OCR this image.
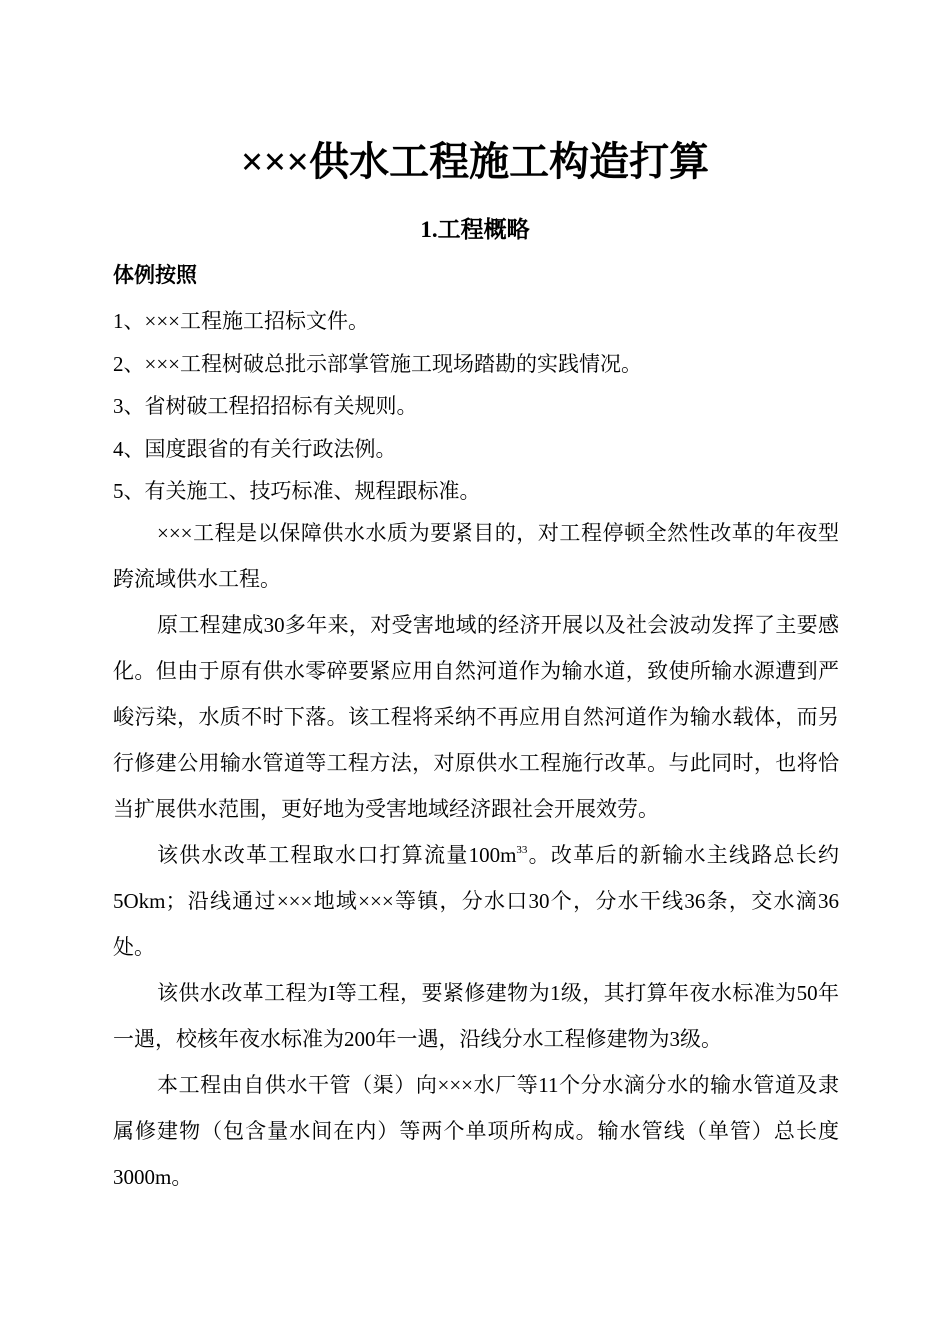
×××供水工程施工构造打算
1.工程概略
体例按照
1、×××工程施工招标文件。
2、×××工程树破总批示部掌管施工现场踏勘的实践情况。
3、省树破工程招招标有关规则。
4、国度跟省的有关行政法例。
5、有关施工、技巧标准、规程跟标准。

×××工程是以保障供水水质为要紧目的，对工程停顿全然性改革的年夜型跨流域供水工程。

原工程建成30多年来，对受害地域的经济开展以及社会波动发挥了主要感化。但由于原有供水零碎要紧应用自然河道作为输水道，致使所输水源遭到严峻污染，水质不时下落。该工程将采纳不再应用自然河道作为输水载体，而另行修建公用输水管道等工程方法，对原供水工程施行改革。与此同时，也将恰当扩展供水范围，更好地为受害地域经济跟社会开展效劳。

该供水改革工程取水口打算流量$100m^{33}$。改革后的新输水主线路总长约5Okm；沿线通过×××地域×××等镇，分水口30个，分水干线36条，交水滴36处。

该供水改革工程为I等工程，要紧修建物为1级，其打算年夜水标准为50年一遇，校核年夜水标准为200年一遇，沿线分水工程修建物为3级。

本工程由自供水干管（渠）向×××水厂等11个分水滴分水的输水管道及隶属修建物（包含量水间在内）等两个单项所构成。输水管线（单管）总长度3000m。
